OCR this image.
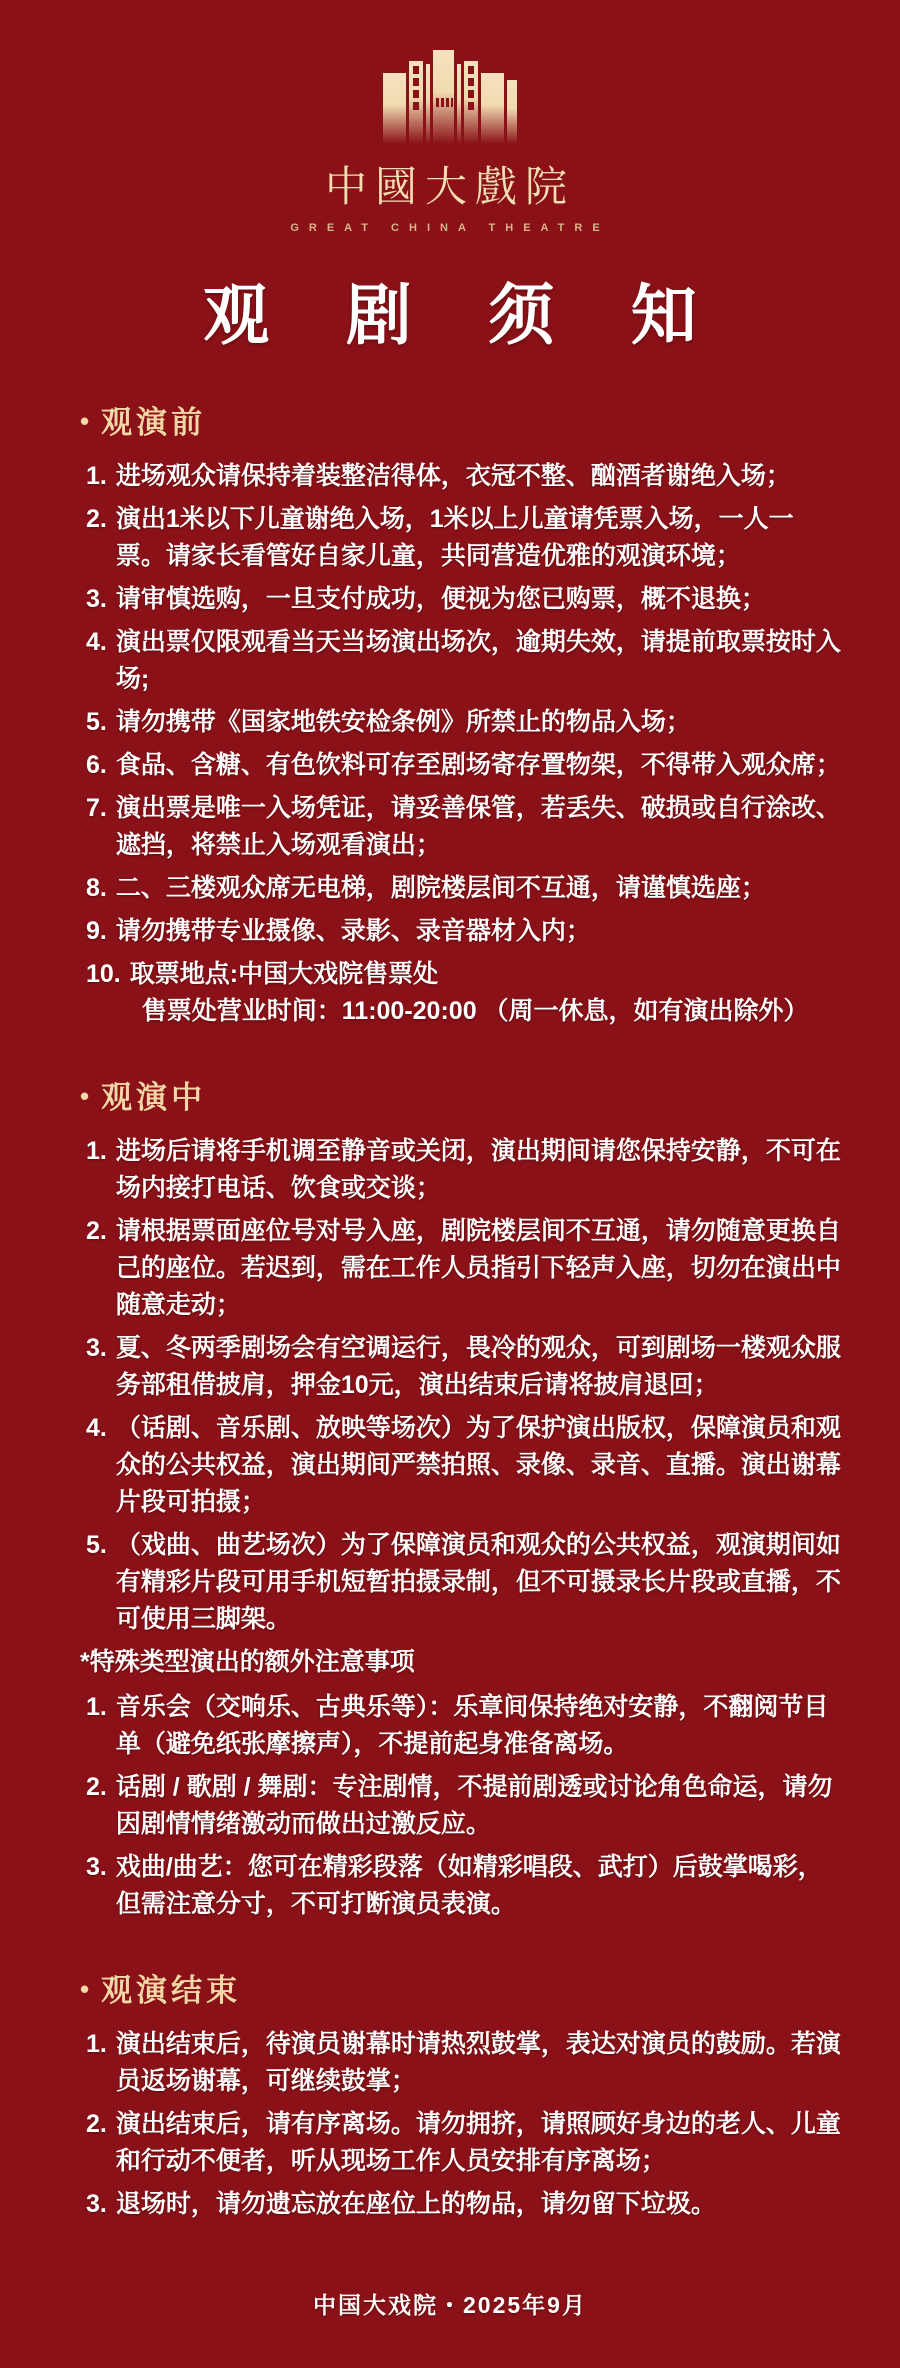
中國大戲院
GREAT CHINA THEATRE
观 剧 须 知
• 观演前
1. 进场观众请保持着装整洁得体，衣冠不整、酗酒者谢绝入场；
2. 演出1米以下儿童谢绝入场，1米以上儿童请凭票入场，一人一 票。请家长看管好自家儿童，共同营造优雅的观演环境；
3. 请审慎选购，一旦支付成功，便视为您已购票，概不退换；
4. 演出票仅限观看当天当场演出场次，逾期失效，请提前取票按时入场;
5. 请勿携带《国家地铁安检条例》所禁止的物品入场；
6. 食品、含糖、有色饮料可存至剧场寄存置物架，不得带入观众席；
7. 演出票是唯一入场凭证，请妥善保管，若丢失、破损或自行涂改、遮挡，将禁止入场观看演出；
8. 二、三楼观众席无电梯，剧院楼层间不互通，请谨慎选座；
9. 请勿携带专业摄像、录影、录音器材入内；
10. 取票地点:中国大戏院售票处
售票处营业时间：11:00-20:00 （周一休息，如有演出除外）
• 观演中
1. 进场后请将手机调至静音或关闭，演出期间请您保持安静，不可在场内接打电话、饮食或交谈；
2. 请根据票面座位号对号入座，剧院楼层间不互通，请勿随意更换自己的座位。若迟到，需在工作人员指引下轻声入座，切勿在演出中随意走动；
3. 夏、冬两季剧场会有空调运行，畏冷的观众，可到剧场一楼观众服务部租借披肩，押金10元，演出结束后请将披肩退回；
4. （话剧、音乐剧、放映等场次）为了保护演出版权，保障演员和观众的公共权益，演出期间严禁拍照、录像、录音、直播。演出谢幕片段可拍摄；
5. （戏曲、曲艺场次）为了保障演员和观众的公共权益，观演期间如有精彩片段可用手机短暂拍摄录制，但不可摄录长片段或直播，不可使用三脚架。
*特殊类型演出的额外注意事项
1. 音乐会（交响乐、古典乐等）：乐章间保持绝对安静，不翻阅节目单（避免纸张摩擦声），不提前起身准备离场。
2. 话剧 / 歌剧 / 舞剧：专注剧情，不提前剧透或讨论角色命运，请勿因剧情情绪激动而做出过激反应。
3. 戏曲/曲艺：您可在精彩段落（如精彩唱段、武打）后鼓掌喝彩，但需注意分寸，不可打断演员表演。
• 观演结束
1. 演出结束后，待演员谢幕时请热烈鼓掌，表达对演员的鼓励。若演员返场谢幕，可继续鼓掌；
2. 演出结束后，请有序离场。请勿拥挤，请照顾好身边的老人、儿童和行动不便者，听从现场工作人员安排有序离场；
3. 退场时，请勿遗忘放在座位上的物品，请勿留下垃圾。
中国大戏院・2025年9月
